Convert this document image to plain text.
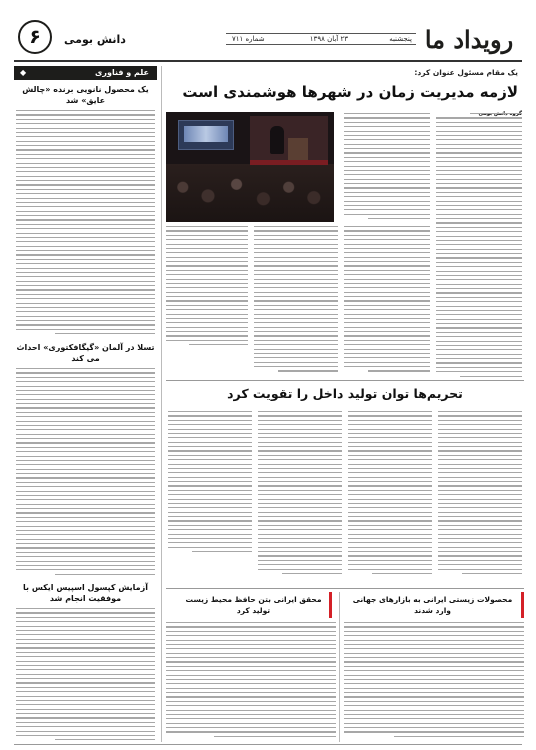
رویداد ما
پنجشنبه
۲۳ آبان ۱۳۹۸
شماره ۷۱۱
دانش بومی
۶
علم و فناوری
◆
یک محصول نانویی برنده «چالش عایق» شد
تسلا در آلمان «گیگافکتوری» احداث می کند
آزمایش کپسول اسپیس ایکس با موفقیت انجام شد
یک مقام مسئول عنوان کرد:
لازمه مدیریت زمان در شهرها هوشمندی است
تحریم‌ها توان تولید داخل را تقویت کرد
محصولات زیستی ایرانی به بازارهای جهانی وارد شدند
محقق ایرانی بتن حافظ محیط زیست تولید کرد
